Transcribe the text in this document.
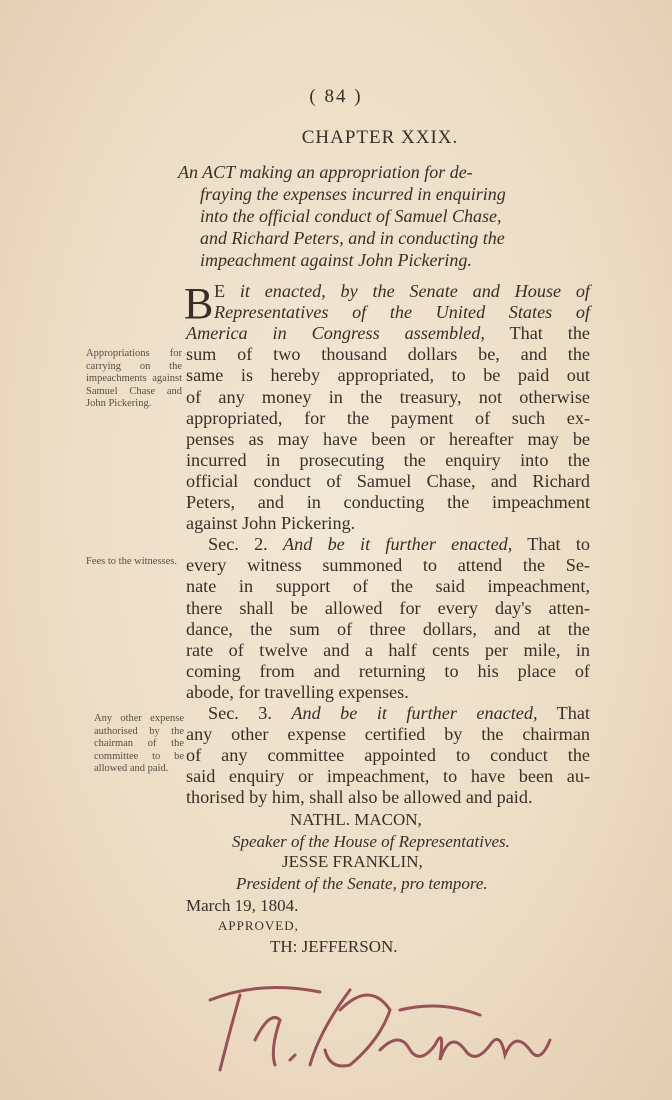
( 84 )
CHAPTER XXIX.
An ACT making an appropriation for de-
fraying the expenses incurred in enquiring
into the official conduct of Samuel Chase,
and Richard Peters, and in conducting the
impeachment against John Pickering.
B E it enacted, by the Senate and House of
Representatives of the United States of
America in Congress assembled, That the
sum of two thousand dollars be, and the
same is hereby appropriated, to be paid out
of any money in the treasury, not otherwise
appropriated, for the payment of such ex-
penses as may have been or hereafter may be
incurred in prosecuting the enquiry into the
official conduct of Samuel Chase, and Richard
Peters, and in conducting the impeachment
against John Pickering.
Sec. 2. And be it further enacted, That to
every witness summoned to attend the Se-
nate in support of the said impeachment,
there shall be allowed for every day's atten-
dance, the sum of three dollars, and at the
rate of twelve and a half cents per mile, in
coming from and returning to his place of
abode, for travelling expenses.
Sec. 3. And be it further enacted, That
any other expense certified by the chairman
of any committee appointed to conduct the
said enquiry or impeachment, to have been au-
thorised by him, shall also be allowed and paid.
Appropriations for carrying on the impeachments against Samuel Chase and John Pickering.
Fees to the witnesses.
Any other expense authorised by the chairman of the committee to be allowed and paid.
NATHL. MACON,
Speaker of the House of Representatives.
JESSE FRANKLIN,
President of the Senate, pro tempore.
March 19, 1804.
APPROVED,
TH: JEFFERSON.
